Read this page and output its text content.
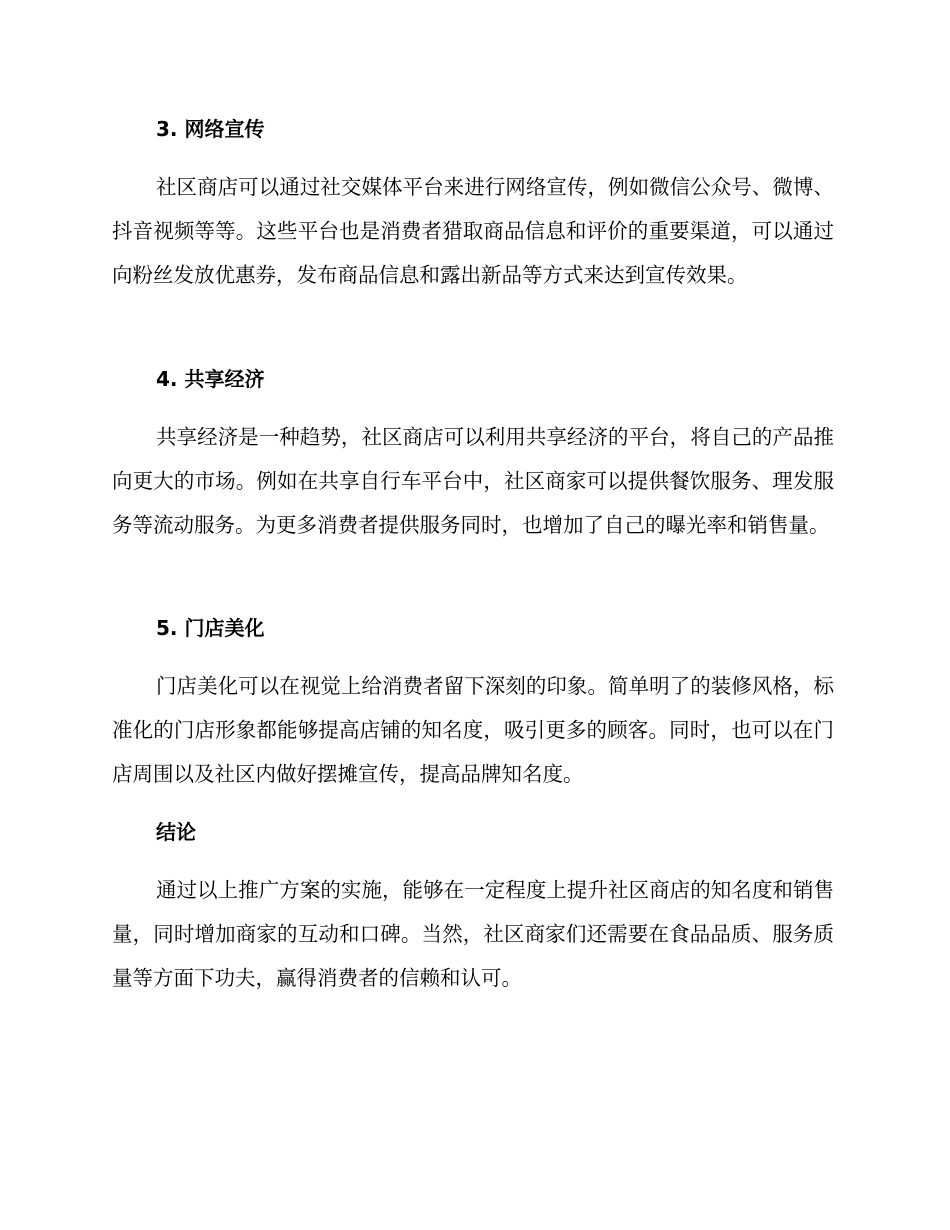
3. 网络宣传

社区商店可以通过社交媒体平台来进行网络宣传，例如微信公众号、微博、抖音视频等等。这些平台也是消费者猎取商品信息和评价的重要渠道，可以通过向粉丝发放优惠券，发布商品信息和露出新品等方式来达到宣传效果。

4. 共享经济

共享经济是一种趋势，社区商店可以利用共享经济的平台，将自己的产品推向更大的市场。例如在共享自行车平台中，社区商家可以提供餐饮服务、理发服务等流动服务。为更多消费者提供服务同时，也增加了自己的曝光率和销售量。

5. 门店美化

门店美化可以在视觉上给消费者留下深刻的印象。简单明了的装修风格，标准化的门店形象都能够提高店铺的知名度，吸引更多的顾客。同时，也可以在门店周围以及社区内做好摆摊宣传，提高品牌知名度。

结论

通过以上推广方案的实施，能够在一定程度上提升社区商店的知名度和销售量，同时增加商家的互动和口碑。当然，社区商家们还需要在食品品质、服务质量等方面下功夫，赢得消费者的信赖和认可。
